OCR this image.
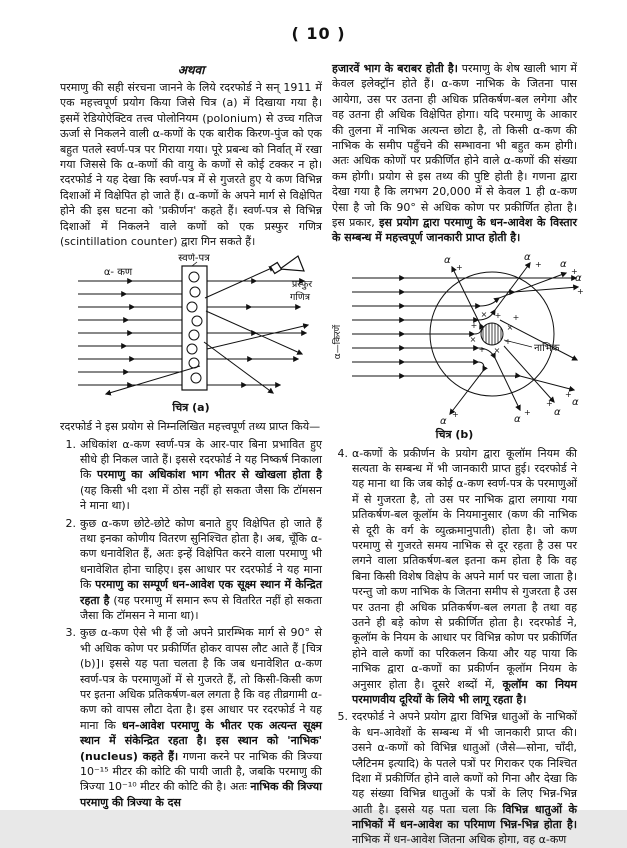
( 10 )
अथवा

परमाणु की सही संरचना जानने के लिये रदरफोर्ड ने सन् 1911 में एक महत्त्वपूर्ण प्रयोग किया जिसे चित्र (a) में दिखाया गया है। इसमें रेडियोऐक्टिव तत्त्व पोलोनियम (polonium) से उच्च गतिज ऊर्जा से निकलने वाली α-कणों के एक बारीक किरण-पुंज को एक बहुत पतले स्वर्ण-पत्र पर गिराया गया। पूरे प्रबन्ध को निर्वात् में रखा गया जिससे कि α-कणों की वायु के कणों से कोई टक्कर न हो। रदरफोर्ड ने यह देखा कि स्वर्ण-पत्र में से गुजरते हुए ये कण विभिन्न दिशाओं में विक्षेपित हो जाते हैं। α-कणों के अपने मार्ग से विक्षेपित होने की इस घटना को 'प्रकीर्णन' कहते हैं। स्वर्ण-पत्र से विभिन्न दिशाओं में निकलने वाले कणों को एक प्रस्फुर गणित्र (scintillation counter) द्वारा गिन सकते हैं।

स्वर्ण-पत्र
α- कण
प्रस्फुर
गणित्र
चित्र (a)

रदरफोर्ड ने इस प्रयोग से निम्नलिखित महत्त्वपूर्ण तथ्य प्राप्त किये—

1. अधिकांश α-कण स्वर्ण-पत्र के आर-पार बिना प्रभावित हुए सीधे ही निकल जाते हैं। इससे रदरफोर्ड ने यह निष्कर्ष निकाला कि परमाणु का अधिकांश भाग भीतर से खोखला होता है (यह किसी भी दशा में ठोस नहीं हो सकता जैसा कि टॉमसन ने माना था)।
2. कुछ α-कण छोटे-छोटे कोण बनाते हुए विक्षेपित हो जाते हैं तथा इनका कोणीय वितरण सुनिश्चित होता है। अब, चूँकि α-कण धनावेशित हैं, अतः इन्हें विक्षेपित करने वाला परमाणु भी धनावेशित होना चाहिए। इस आधार पर रदरफोर्ड ने यह माना कि परमाणु का सम्पूर्ण धन-आवेश एक सूक्ष्म स्थान में केन्द्रित रहता है (यह परमाणु में समान रूप से वितरित नहीं हो सकता जैसा कि टॉमसन ने माना था)।
3. कुछ α-कण ऐसे भी हैं जो अपने प्रारम्भिक मार्ग से 90° से भी अधिक कोण पर प्रकीर्णित होकर वापस लौट आते हैं [चित्र (b)]। इससे यह पता चलता है कि जब धनावेशित α-कण स्वर्ण-पत्र के परमाणुओं में से गुजरते हैं, तो किसी-किसी कण पर इतना अधिक प्रतिकर्षण-बल लगता है कि वह तीव्रगामी α-कण को वापस लौटा देता है। इस आधार पर रदरफोर्ड ने यह माना कि धन-आवेश परमाणु के भीतर एक अत्यन्त सूक्ष्म स्थान में संकेन्द्रित रहता है। इस स्थान को 'नाभिक' (nucleus) कहते हैं। गणना करने पर नाभिक की त्रिज्या 10⁻¹⁵ मीटर की कोटि की पायी जाती है, जबकि परमाणु की त्रिज्या 10⁻¹⁰ मीटर की कोटि की है। अतः नाभिक की त्रिज्या परमाणु की त्रिज्या के दस

हजारवें भाग के बराबर होती है। परमाणु के शेष खाली भाग में केवल इलेक्ट्रॉन होते हैं। α-कण नाभिक के जितना पास आयेगा, उस पर उतना ही अधिक प्रतिकर्षण-बल लगेगा और वह उतना ही अधिक विक्षेपित होगा। यदि परमाणु के आकार की तुलना में नाभिक अत्यन्त छोटा है, तो किसी α-कण की नाभिक के समीप पहुँचने की सम्भावना भी बहुत कम होगी। अतः अधिक कोणों पर प्रकीर्णित होने वाले α-कणों की संख्या कम होगी। प्रयोग से इस तथ्य की पुष्टि होती है। गणना द्वारा देखा गया है कि लगभग 20,000 में से केवल 1 ही α-कण ऐसा है जो कि 90° से अधिक कोण पर प्रकीर्णित होता है। इस प्रकार, इस प्रयोग द्वारा परमाणु के धन-आवेश के विस्तार के सम्बन्ध में महत्त्वपूर्ण जानकारी प्राप्त होती है।

×
+
+
×
+
×
+ ×
+
नाभिक
α
+
α
+ α
+
α
+
α
+	α
+ α
+ α
+
α—किरणें
चित्र (b)
4. α-कणों के प्रकीर्णन के प्रयोग द्वारा कूलॉम नियम की सत्यता के सम्बन्ध में भी जानकारी प्राप्त हुई। रदरफोर्ड ने यह माना था कि जब कोई α-कण स्वर्ण-पत्र के परमाणुओं में से गुजरता है, तो उस पर नाभिक द्वारा लगाया गया प्रतिकर्षण-बल कूलॉम के नियमानुसार (कण की नाभिक से दूरी के वर्ग के व्युत्क्रमानुपाती) होता है। जो कण परमाणु से गुजरते समय नाभिक से दूर रहता है उस पर लगने वाला प्रतिकर्षण-बल इतना कम होता है कि वह बिना किसी विशेष विक्षेप के अपने मार्ग पर चला जाता है। परन्तु जो कण नाभिक के जितना समीप से गुजरता है उस पर उतना ही अधिक प्रतिकर्षण-बल लगता है तथा वह उतने ही बड़े कोण से प्रकीर्णित होता है। रदरफोर्ड ने, कूलॉम के नियम के आधार पर विभिन्न कोण पर प्रकीर्णित होने वाले कणों का परिकलन किया और यह पाया कि नाभिक द्वारा α-कणों का प्रकीर्णन कूलॉम नियम के अनुसार होता है। दूसरे शब्दों में, कूलॉम का नियम परमाणवीय दूरियों के लिये भी लागू रहता है।
5. रदरफोर्ड ने अपने प्रयोग द्वारा विभिन्न धातुओं के नाभिकों के धन-आवेशों के सम्बन्ध में भी जानकारी प्राप्त की। उसने α-कणों को विभिन्न धातुओं (जैसे—सोना, चाँदी, प्लैटिनम इत्यादि) के पतले पत्रों पर गिराकर एक निश्चित दिशा में प्रकीर्णित होने वाले कणों को गिना और देखा कि यह संख्या विभिन्न धातुओं के पत्रों के लिए भिन्न-भिन्न आती है। इससे यह पता चला कि विभिन्न धातुओं के नाभिकों में धन-आवेश का परिमाण भिन्न-भिन्न होता है। नाभिक में धन-आवेश जितना अधिक होगा, वह α-कण
